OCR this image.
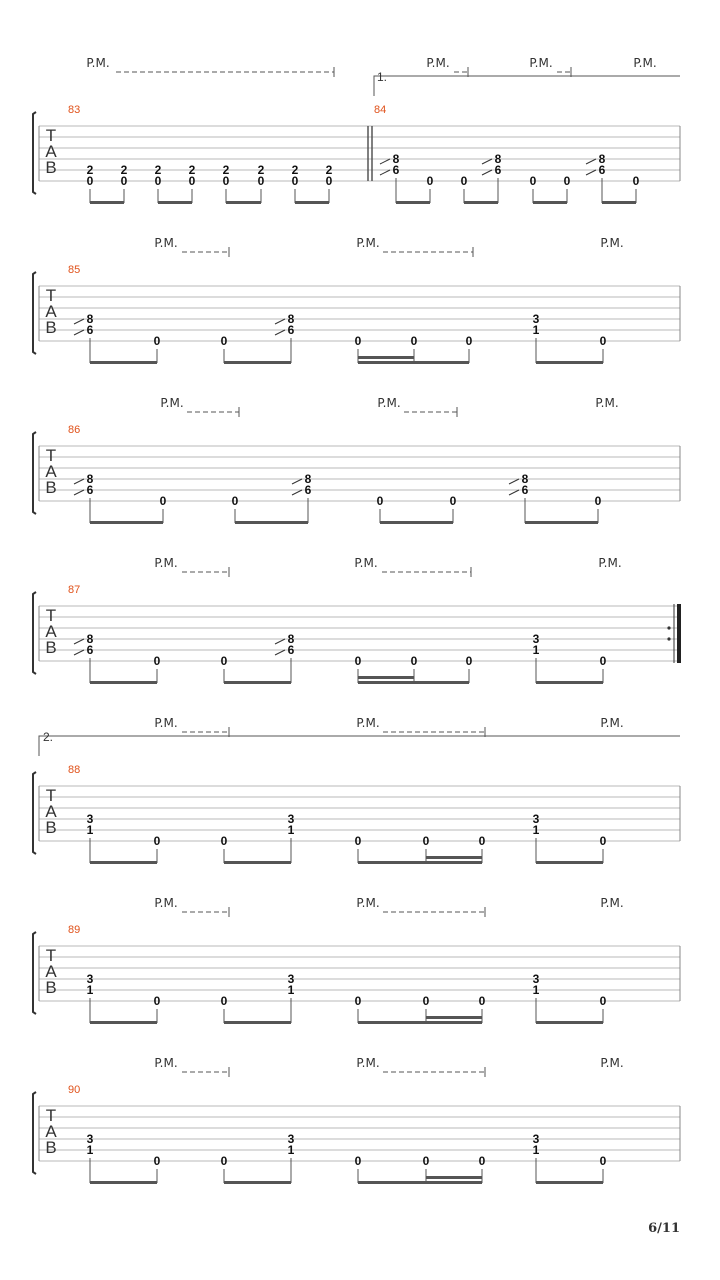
T
A
B
83	84
2
0
2
0
2
0
2
0
2
0
2
0
2
0
2
0
8
6
0 0
8
6
0 0
8
6
0
P.M.
1.
P.M.	P.M.	P.M.
T
A
B
85
8
6
0	0
8
6
0	0	0
3
1
0
P.M.	P.M.	P.M.
T
A
B
86
8
6
0	0
8
6
0	0
8
6
0
P.M.	P.M.	P.M.
T
A
B
87
8
6
0	0
8
6
0	0	0
3
1
0
P.M.	P.M.	P.M.
T
A
B
88
3
1
0	0
3
1
0	0	0
3
1
0
P.M.	P.M.	P.M.
2.
T
A
B
89
3
1
0	0
3
1
0	0	0
3
1
0
P.M.	P.M.	P.M.
T
A
B
90
3
1
0	0
3
1
0	0	0
3
1
0
P.M.	P.M.	P.M.
6/11
